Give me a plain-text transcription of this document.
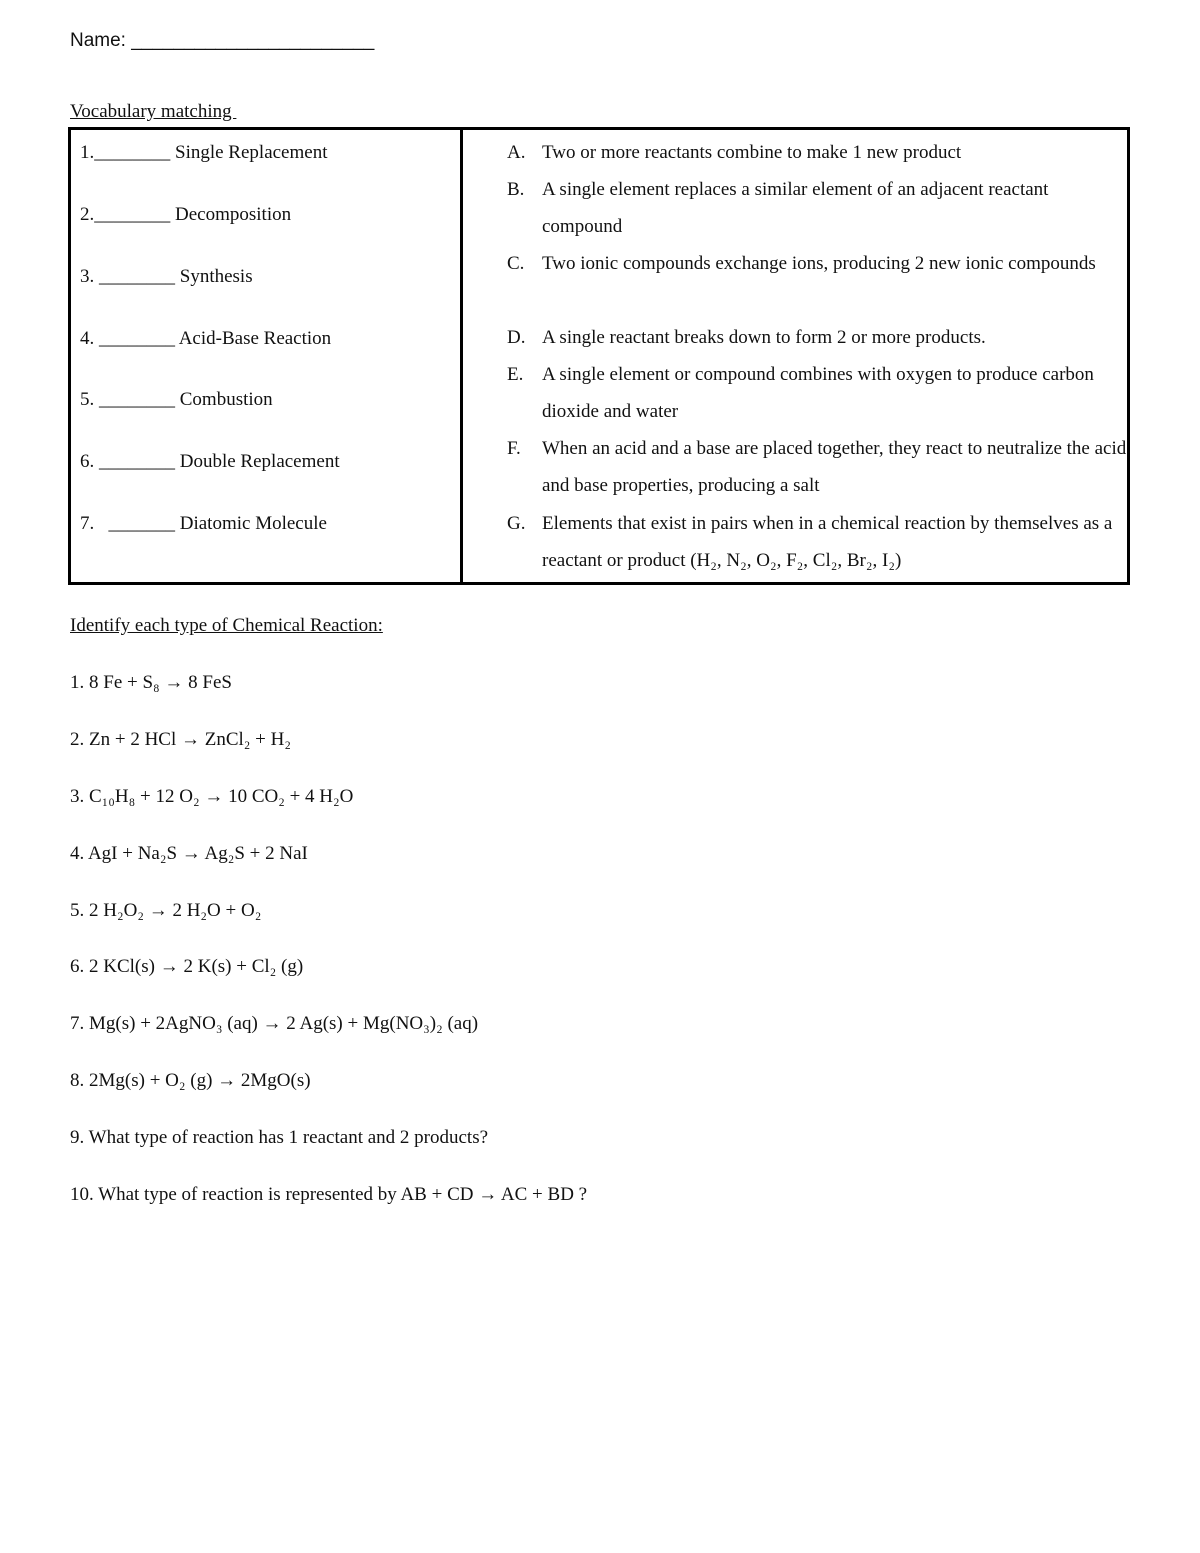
Name: _______________________
Vocabulary matching
1.________ Single Replacement
2.________ Decomposition
3. ________ Synthesis
4. ________ Acid-Base Reaction
5. ________ Combustion
6. ________ Double Replacement
7.   _______ Diatomic Molecule
A. Two or more reactants combine to make 1 new product
B. A single element replaces a similar element of an adjacent reactant compound
C. Two ionic compounds exchange ions, producing 2 new ionic compounds
D. A single reactant breaks down to form 2 or more products.
E. A single element or compound combines with oxygen to produce carbon dioxide and water
F. When an acid and a base are placed together, they react to neutralize the acid and base properties, producing a salt
G. Elements that exist in pairs when in a chemical reaction by themselves as a reactant or product (H₂, N₂, O₂, F₂, Cl₂, Br₂, I₂)
Identify each type of Chemical Reaction:
1. 8 Fe + S₈ → 8 FeS
2. Zn + 2 HCl → ZnCl₂ + H₂
3. C₁₀H₈ + 12 O₂ → 10 CO₂ + 4 H₂O
4. AgI + Na₂S → Ag₂S + 2 NaI
5. 2 H₂O₂ → 2 H₂O + O₂
6. 2 KCl(s) → 2 K(s) + Cl₂ (g)
7. Mg(s) + 2AgNO₃ (aq) → 2 Ag(s) + Mg(NO₃)₂ (aq)
8. 2Mg(s) + O₂ (g) → 2MgO(s)
9. What type of reaction has 1 reactant and 2 products?
10. What type of reaction is represented by AB + CD → AC + BD ?
